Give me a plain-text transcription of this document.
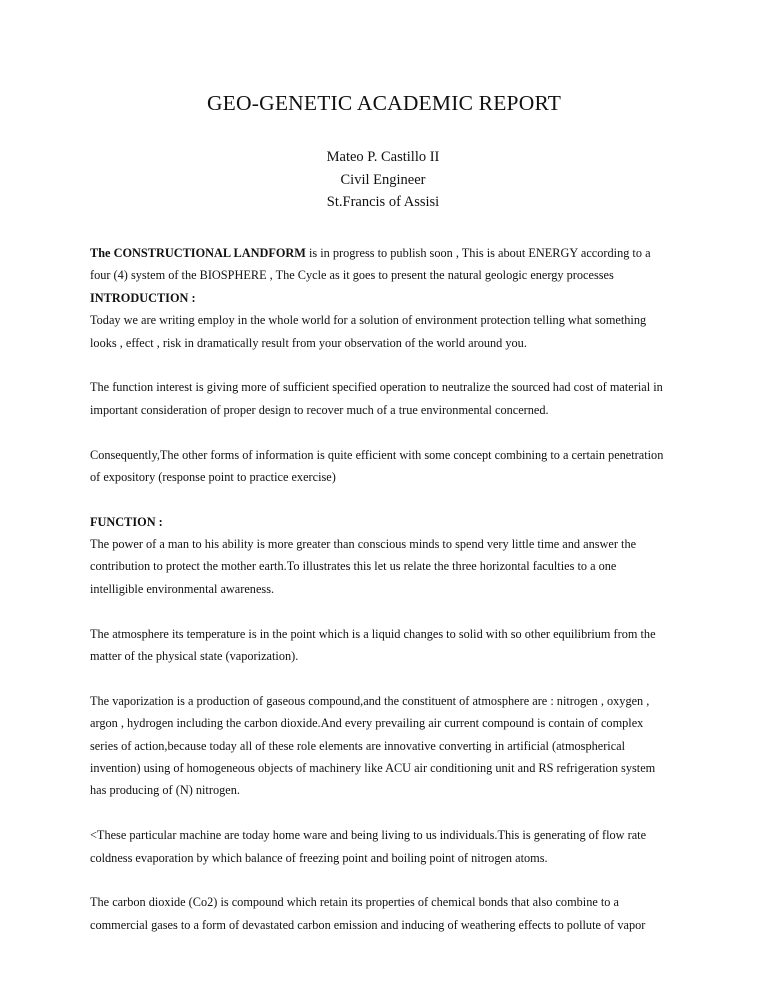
GEO-GENETIC ACADEMIC REPORT
Mateo P. Castillo II
Civil Engineer
St.Francis of Assisi
The CONSTRUCTIONAL LANDFORM is in progress to publish soon , This is about ENERGY according to a
four (4) system of the BIOSPHERE , The Cycle as it goes to present the natural geologic energy processes
INTRODUCTION :
Today we are writing employ in the whole world for a solution of environment protection telling what something
looks , effect , risk in dramatically result from your observation of the world around you.
The function interest is giving more of sufficient specified operation to neutralize the sourced had cost of material in
important consideration of proper design to recover much of a true environmental concerned.
Consequently,The other forms of information is quite efficient with some concept combining to a certain penetration
of expository (response point to practice exercise)
FUNCTION :
The power of a man to his ability is more greater than conscious minds to spend very little time and answer the
contribution to protect the mother earth.To illustrates this let us relate the three horizontal faculties to a one
intelligible environmental awareness.
The atmosphere its temperature is in the point which is a liquid changes to solid with so other equilibrium from the
matter of the physical state (vaporization).
The vaporization is a production of gaseous compound,and the constituent of atmosphere are : nitrogen , oxygen ,
argon , hydrogen including the carbon dioxide.And every prevailing air current compound is contain of complex
series of action,because today all of these role elements are innovative converting in artificial (atmospherical
invention) using of homogeneous objects of machinery like ACU air conditioning unit and RS refrigeration system
has producing of (N) nitrogen.
<These particular machine are today home ware and being living to us individuals.This is generating of flow rate
coldness evaporation by which balance of freezing point and boiling point of nitrogen atoms.
The carbon dioxide (Co2) is compound which retain its properties of chemical bonds that also combine to a
commercial gases to a form of devastated carbon emission and inducing of weathering effects to pollute of vapor
